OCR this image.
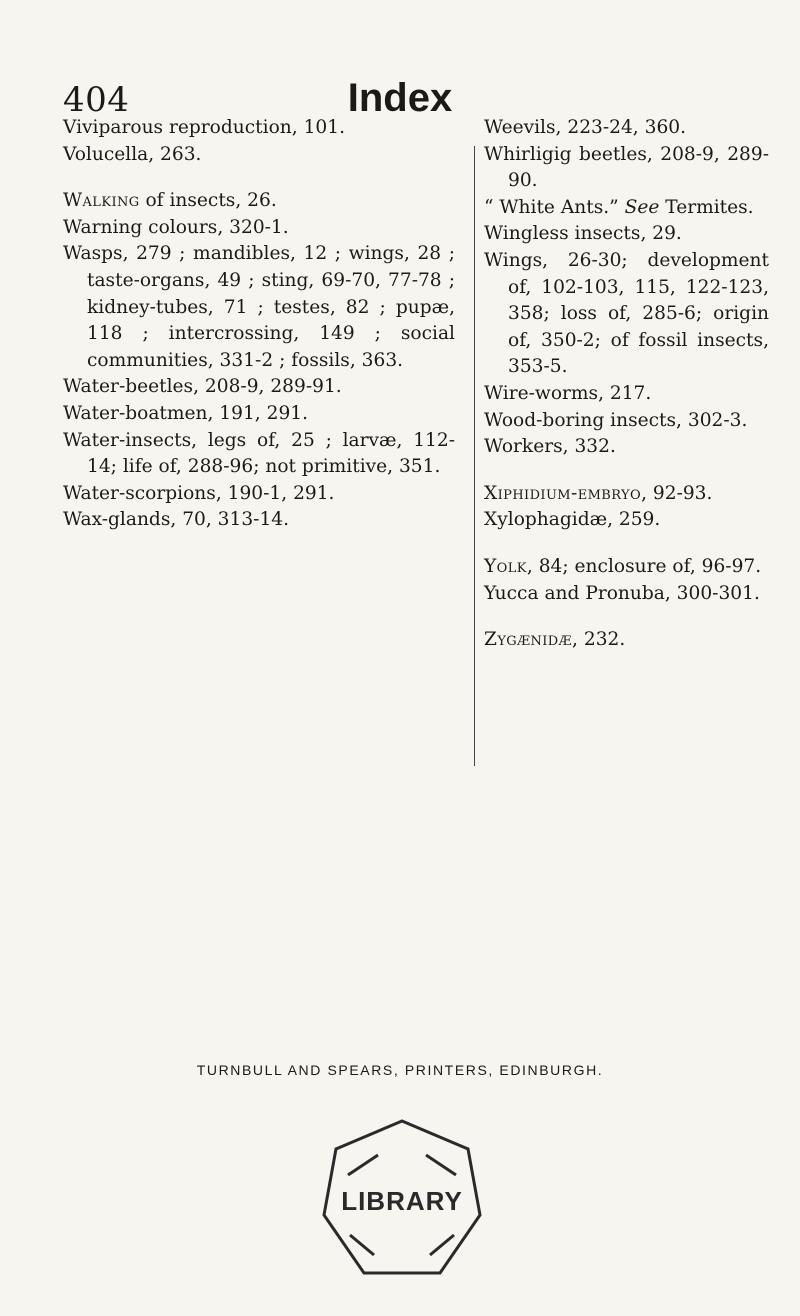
404	Index

Viviparous reproduction, 101.

Volucella, 263.

Walking of insects, 26.

Warning colours, 320-1.

Wasps, 279 ; mandibles, 12 ; wings, 28 ; taste-organs, 49 ; sting, 69-70, 77-78 ; kidney-tubes, 71 ; testes, 82 ; pupæ, 118 ; intercrossing, 149 ; social communities, 331-2 ; fossils, 363.

Water-beetles, 208-9, 289-91.

Water-boatmen, 191, 291.

Water-insects, legs of, 25 ; larvæ, 112-14; life of, 288-96; not primitive, 351.

Water-scorpions, 190-1, 291.

Wax-glands, 70, 313-14.

Weevils, 223-24, 360.

Whirligig beetles, 208-9, 289-90.

“ White Ants.” See Termites.

Wingless insects, 29.

Wings, 26-30; development of, 102-103, 115, 122-123, 358; loss of, 285-6; origin of, 350-2; of fossil insects, 353-5.

Wire-worms, 217.

Wood-boring insects, 302-3.

Workers, 332.

Xiphidium-embryo, 92-93.

Xylophagidæ, 259.

Yolk, 84; enclosure of, 96-97.

Yucca and Pronuba, 300-301.

Zygænidæ, 232.

TURNBULL AND SPEARS, PRINTERS, EDINBURGH.
LIBRARY
